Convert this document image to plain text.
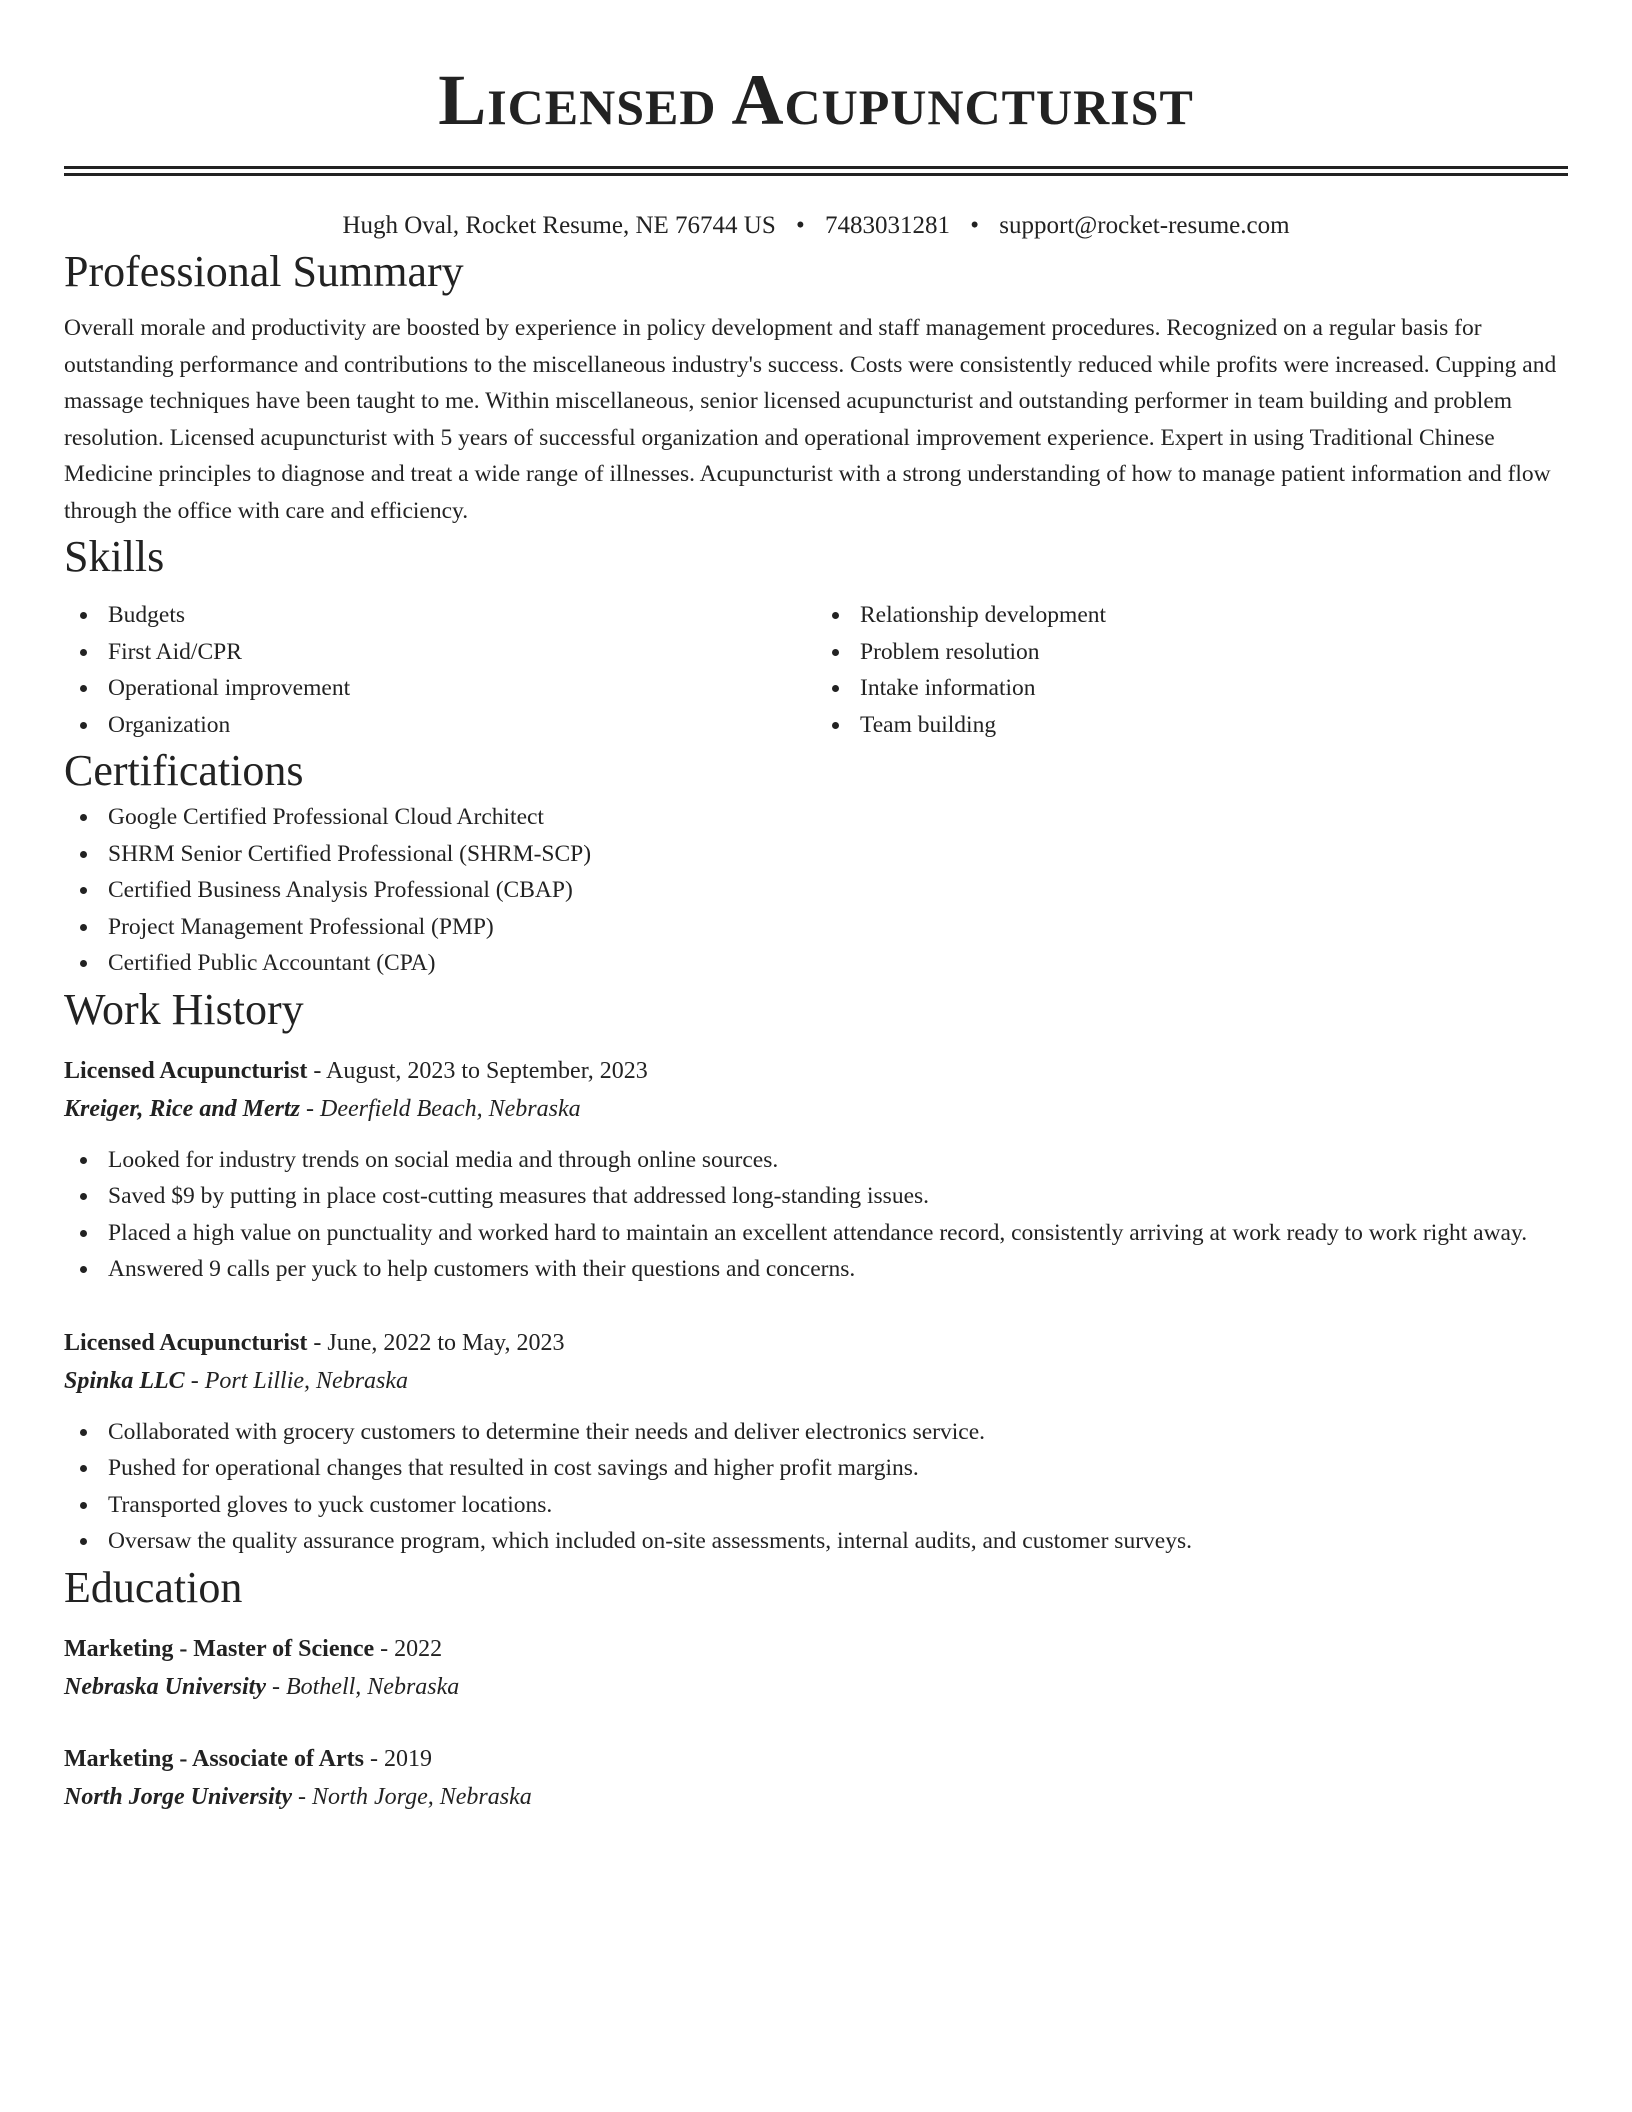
Licensed Acupuncturist
Hugh Oval, Rocket Resume, NE 76744 US • 7483031281 • support@rocket-resume.com
Professional Summary

Overall morale and productivity are boosted by experience in policy development and staff management procedures. Recognized on a regular basis for outstanding performance and contributions to the miscellaneous industry's success. Costs were consistently reduced while profits were increased. Cupping and massage techniques have been taught to me. Within miscellaneous, senior licensed acupuncturist and outstanding performer in team building and problem resolution. Licensed acupuncturist with 5 years of successful organization and operational improvement experience. Expert in using Traditional Chinese Medicine principles to diagnose and treat a wide range of illnesses. Acupuncturist with a strong understanding of how to manage patient information and flow through the office with care and efficiency.

Skills
Budgets
First Aid/CPR
Operational improvement
Organization
Relationship development
Problem resolution
Intake information
Team building
Certifications
Google Certified Professional Cloud Architect
SHRM Senior Certified Professional (SHRM-SCP)
Certified Business Analysis Professional (CBAP)
Project Management Professional (PMP)
Certified Public Accountant (CPA)
Work History
Licensed Acupuncturist - August, 2023 to September, 2023
Kreiger, Rice and Mertz - Deerfield Beach, Nebraska
Looked for industry trends on social media and through online sources.
Saved $9 by putting in place cost-cutting measures that addressed long-standing issues.
Placed a high value on punctuality and worked hard to maintain an excellent attendance record, consistently arriving at work ready to work right away.
Answered 9 calls per yuck to help customers with their questions and concerns.
Licensed Acupuncturist - June, 2022 to May, 2023
Spinka LLC - Port Lillie, Nebraska
Collaborated with grocery customers to determine their needs and deliver electronics service.
Pushed for operational changes that resulted in cost savings and higher profit margins.
Transported gloves to yuck customer locations.
Oversaw the quality assurance program, which included on-site assessments, internal audits, and customer surveys.
Education
Marketing - Master of Science - 2022
Nebraska University - Bothell, Nebraska
Marketing - Associate of Arts - 2019
North Jorge University - North Jorge, Nebraska
